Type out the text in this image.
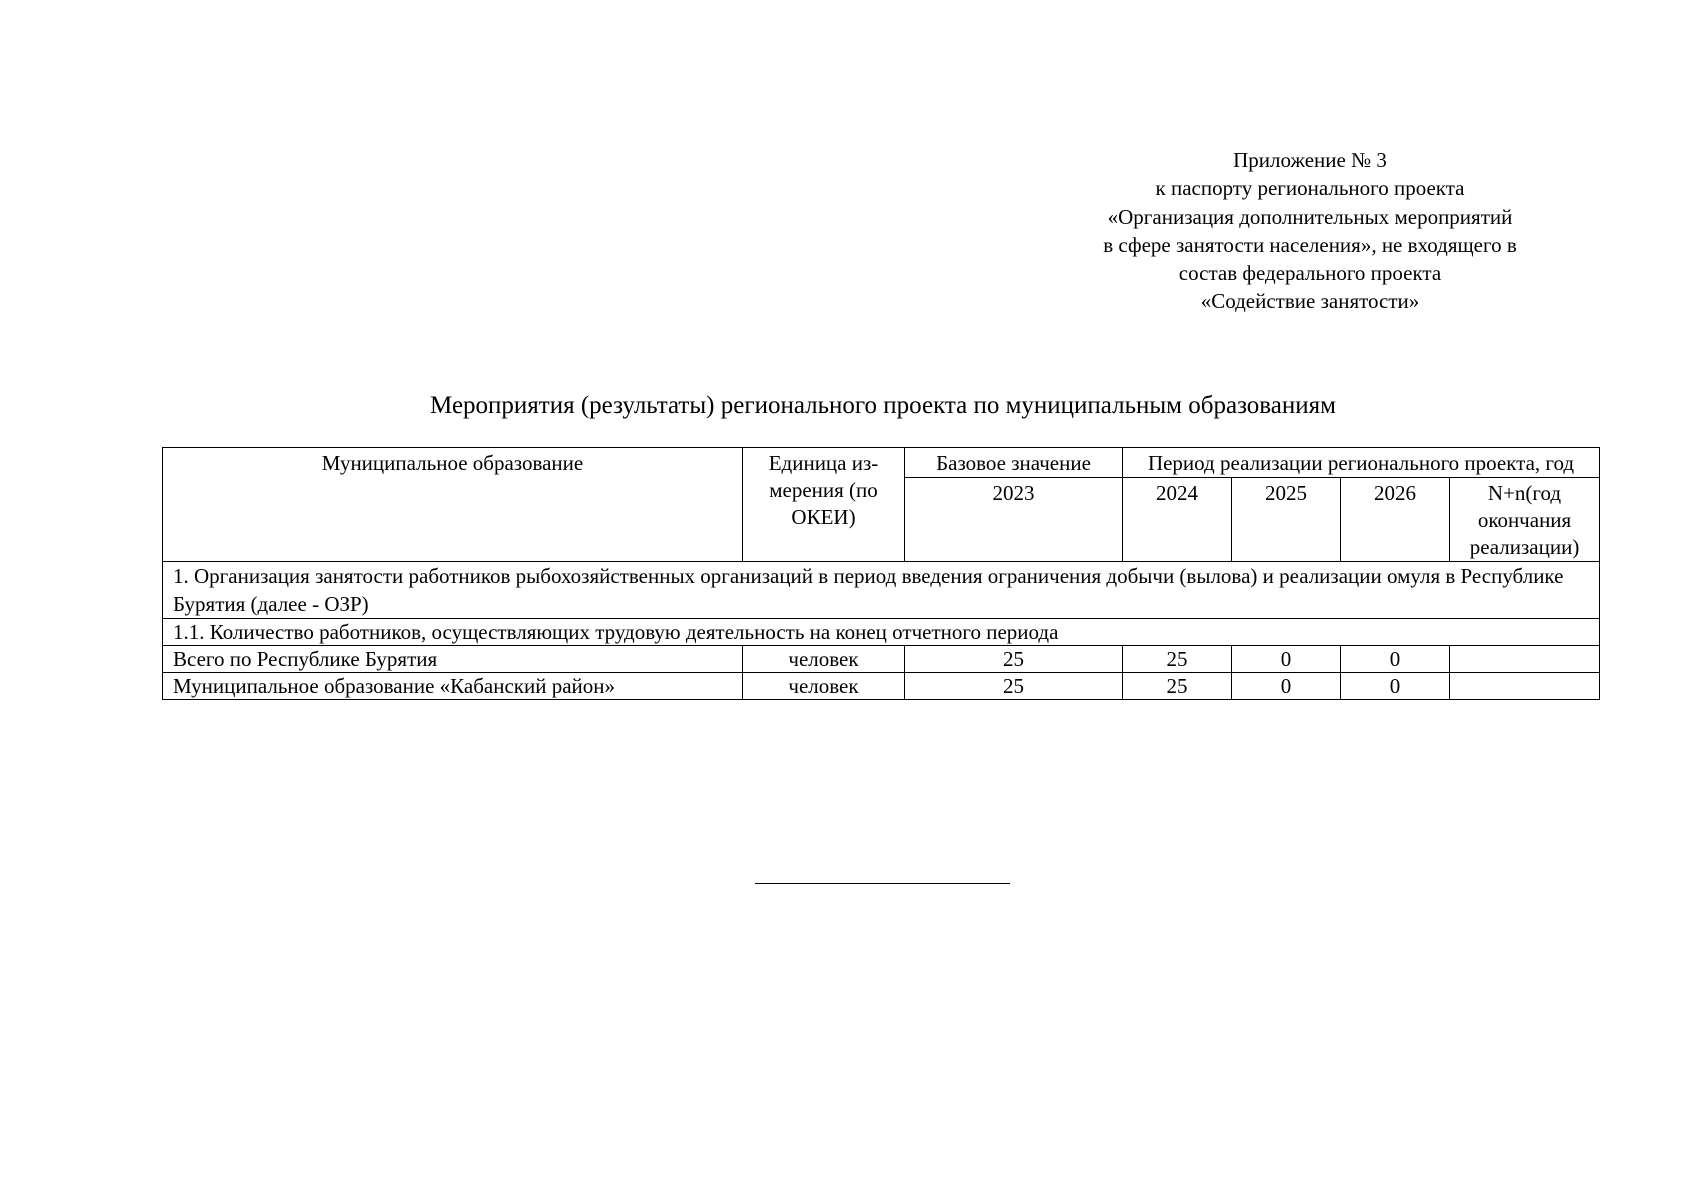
Приложение № 3
к паспорту регионального проекта
«Организация дополнительных мероприятий
в сфере занятости населения», не входящего в
состав федерального проекта
«Содействие занятости»
Мероприятия (результаты) регионального проекта по муниципальным образованиям
Муниципальное образование	Единица из-мерения (по ОКЕИ)	Базовое значение	Период реализации регионального проекта, год			
		2023	2024	2025	2026	N+n(год окончания реализации)
1. Организация занятости работников рыбохозяйственных организаций в период введения ограничения добычи (вылова) и реализации омуля в Республике Бурятия (далее - ОЗР)						
1.1. Количество работников, осуществляющих трудовую деятельность на конец отчетного периода						
Всего по Республике Бурятия	человек	25	25	0	0	
Муниципальное образование «Кабанский район»	человек	25	25	0	0	
